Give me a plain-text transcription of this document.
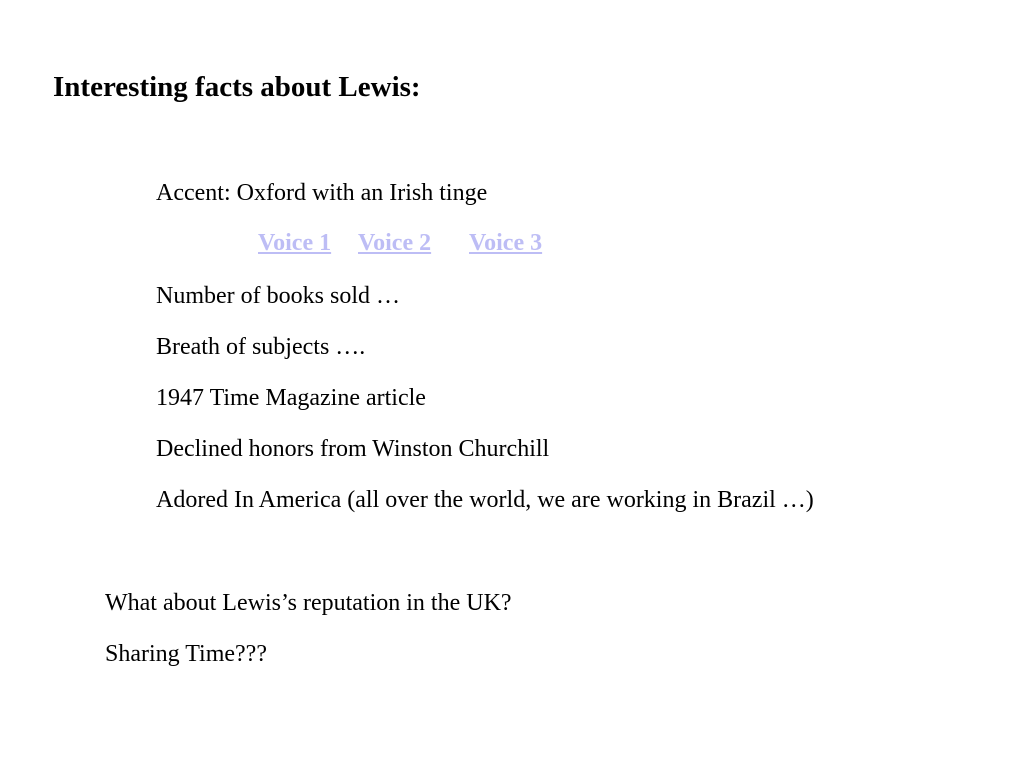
Interesting facts about Lewis:
Accent: Oxford with an Irish tinge
Voice 1 Voice 2 Voice 3
Number of books sold …
Breath of subjects ….
1947 Time Magazine article
Declined honors from Winston Churchill
Adored In America (all over the world, we are working in Brazil …)
What about Lewis’s reputation in the UK?
Sharing Time???
